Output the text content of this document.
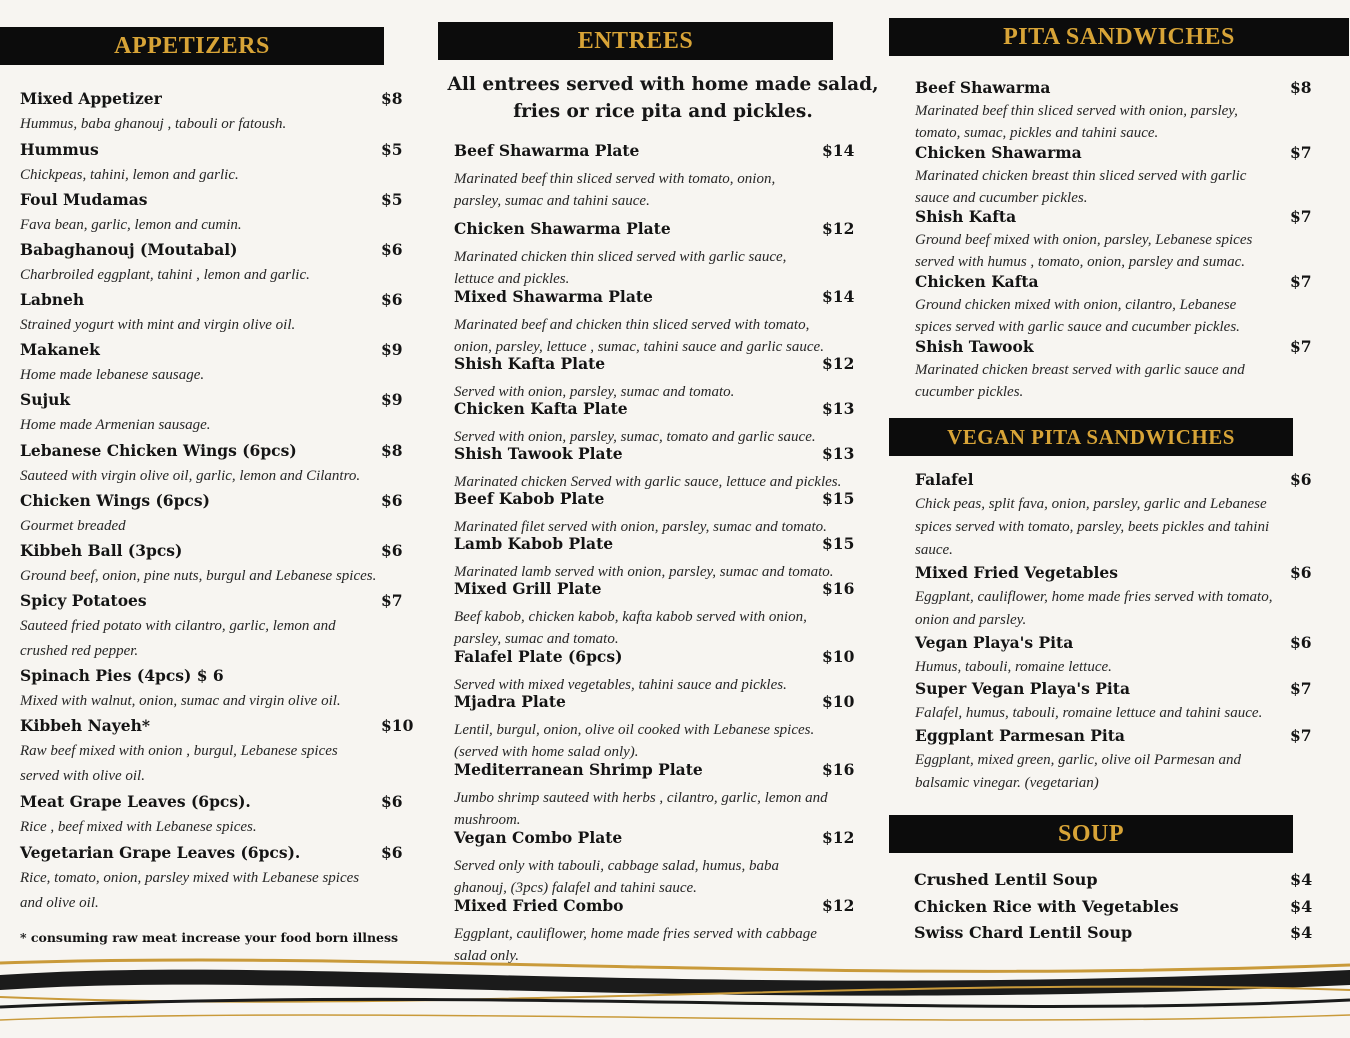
APPETIZERS	ENTREES	PITA SANDWICHES
VEGAN PITA SANDWICHES
SOUP
All entrees served with home made salad,
fries or rice pita and pickles.
Mixed Appetizer	$8
Hummus, baba ghanouj , tabouli or fatoush.
Hummus	$5
Chickpeas, tahini, lemon and garlic.
Foul Mudamas	$5
Fava bean, garlic, lemon and cumin.
Babaghanouj (Moutabal)	$6
Charbroiled eggplant, tahini , lemon and garlic.
Labneh	$6
Strained yogurt with mint and virgin olive oil.
Makanek	$9
Home made lebanese sausage.
Sujuk	$9
Home made Armenian sausage.
Lebanese Chicken Wings (6pcs)	$8
Sauteed with virgin olive oil, garlic, lemon and Cilantro.
Chicken Wings (6pcs)	$6
Gourmet breaded
Kibbeh Ball (3pcs)	$6
Ground beef, onion, pine nuts, burgul and Lebanese spices.
Spicy Potatoes	$7
Sauteed fried potato with cilantro, garlic, lemon and
crushed red pepper.
Spinach Pies (4pcs) $ 6
Mixed with walnut, onion, sumac and virgin olive oil.
Kibbeh Nayeh*	$10
Raw beef mixed with onion , burgul, Lebanese spices
served with olive oil.
Meat Grape Leaves (6pcs).	$6
Rice , beef mixed with Lebanese spices.
Vegetarian Grape Leaves (6pcs).	$6
Rice, tomato, onion, parsley mixed with Lebanese spices
and olive oil.
Beef Shawarma Plate	$14
Marinated beef thin sliced served with tomato, onion,
parsley, sumac and tahini sauce.
Chicken Shawarma Plate	$12
Marinated chicken thin sliced served with garlic sauce,
lettuce and pickles.
Mixed Shawarma Plate	$14
Marinated beef and chicken thin sliced served with tomato,
onion, parsley, lettuce , sumac, tahini sauce and garlic sauce.
Shish Kafta Plate	$12
Served with onion, parsley, sumac and tomato.
Chicken Kafta Plate	$13
Served with onion, parsley, sumac, tomato and garlic sauce.
Shish Tawook Plate	$13
Marinated chicken Served with garlic sauce, lettuce and pickles.
Beef Kabob Plate	$15
Marinated filet served with onion, parsley, sumac and tomato.
Lamb Kabob Plate	$15
Marinated lamb served with onion, parsley, sumac and tomato.
Mixed Grill Plate	$16
Beef kabob, chicken kabob, kafta kabob served with onion,
parsley, sumac and tomato.
Falafel Plate (6pcs)	$10
Served with mixed vegetables, tahini sauce and pickles.
Mjadra Plate	$10
Lentil, burgul, onion, olive oil cooked with Lebanese spices.
(served with home salad only).
Mediterranean Shrimp Plate	$16
Jumbo shrimp sauteed with herbs , cilantro, garlic, lemon and
mushroom.
Vegan Combo Plate	$12
Served only with tabouli, cabbage salad, humus, baba
ghanouj, (3pcs) falafel and tahini sauce.
Mixed Fried Combo	$12
Eggplant, cauliflower, home made fries served with cabbage
salad only.
Beef Shawarma	$8
Marinated beef thin sliced served with onion, parsley,
tomato, sumac, pickles and tahini sauce.
Chicken Shawarma	$7
Marinated chicken breast thin sliced served with garlic
sauce and cucumber pickles.
Shish Kafta	$7
Ground beef mixed with onion, parsley, Lebanese spices
served with humus , tomato, onion, parsley and sumac.
Chicken Kafta	$7
Ground chicken mixed with onion, cilantro, Lebanese
spices served with garlic sauce and cucumber pickles.
Shish Tawook	$7
Marinated chicken breast served with garlic sauce and
cucumber pickles.
Falafel	$6
Chick peas, split fava, onion, parsley, garlic and Lebanese
spices served with tomato, parsley, beets pickles and tahini
sauce.
Mixed Fried Vegetables	$6
Eggplant, cauliflower, home made fries served with tomato,
onion and parsley.
Vegan Playa's Pita	$6
Humus, tabouli, romaine lettuce.
Super Vegan Playa's Pita	$7
Falafel, humus, tabouli, romaine lettuce and tahini sauce.
Eggplant Parmesan Pita	$7
Eggplant, mixed green, garlic, olive oil Parmesan and
balsamic vinegar. (vegetarian)
Crushed Lentil Soup	$4
Chicken Rice with Vegetables	$4
Swiss Chard Lentil Soup	$4
* consuming raw meat increase your food born illness
